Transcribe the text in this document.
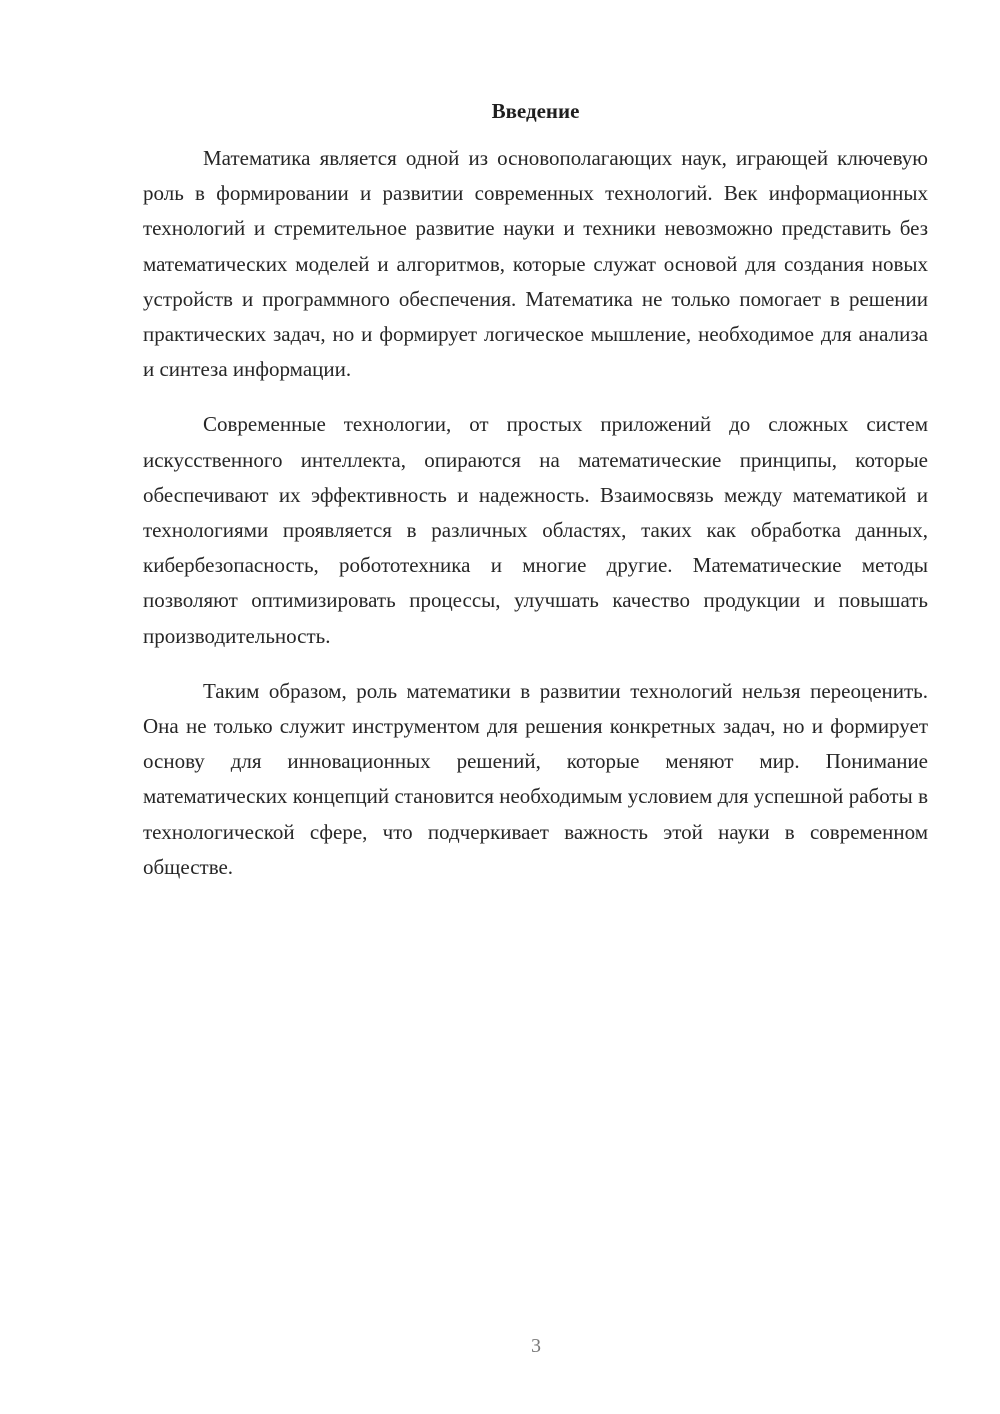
Введение

Математика является одной из основополагающих наук, играющей ключевую роль в формировании и развитии современных технологий. Век информационных технологий и стремительное развитие науки и техники невозможно представить без математических моделей и алгоритмов, которые служат основой для создания новых устройств и программного обеспечения. Математика не только помогает в решении практических задач, но и формирует логическое мышление, необходимое для анализа и синтеза информации.

Современные технологии, от простых приложений до сложных систем искусственного интеллекта, опираются на математические принципы, которые обеспечивают их эффективность и надежность. Взаимосвязь между математикой и технологиями проявляется в различных областях, таких как обработка данных, кибербезопасность, робототехника и многие другие. Математические методы позволяют оптимизировать процессы, улучшать качество продукции и повышать производительность.

Таким образом, роль математики в развитии технологий нельзя переоценить. Она не только служит инструментом для решения конкретных задач, но и формирует основу для инновационных решений, которые меняют мир. Понимание математических концепций становится необходимым условием для успешной работы в технологической сфере, что подчеркивает важность этой науки в современном обществе.

3
